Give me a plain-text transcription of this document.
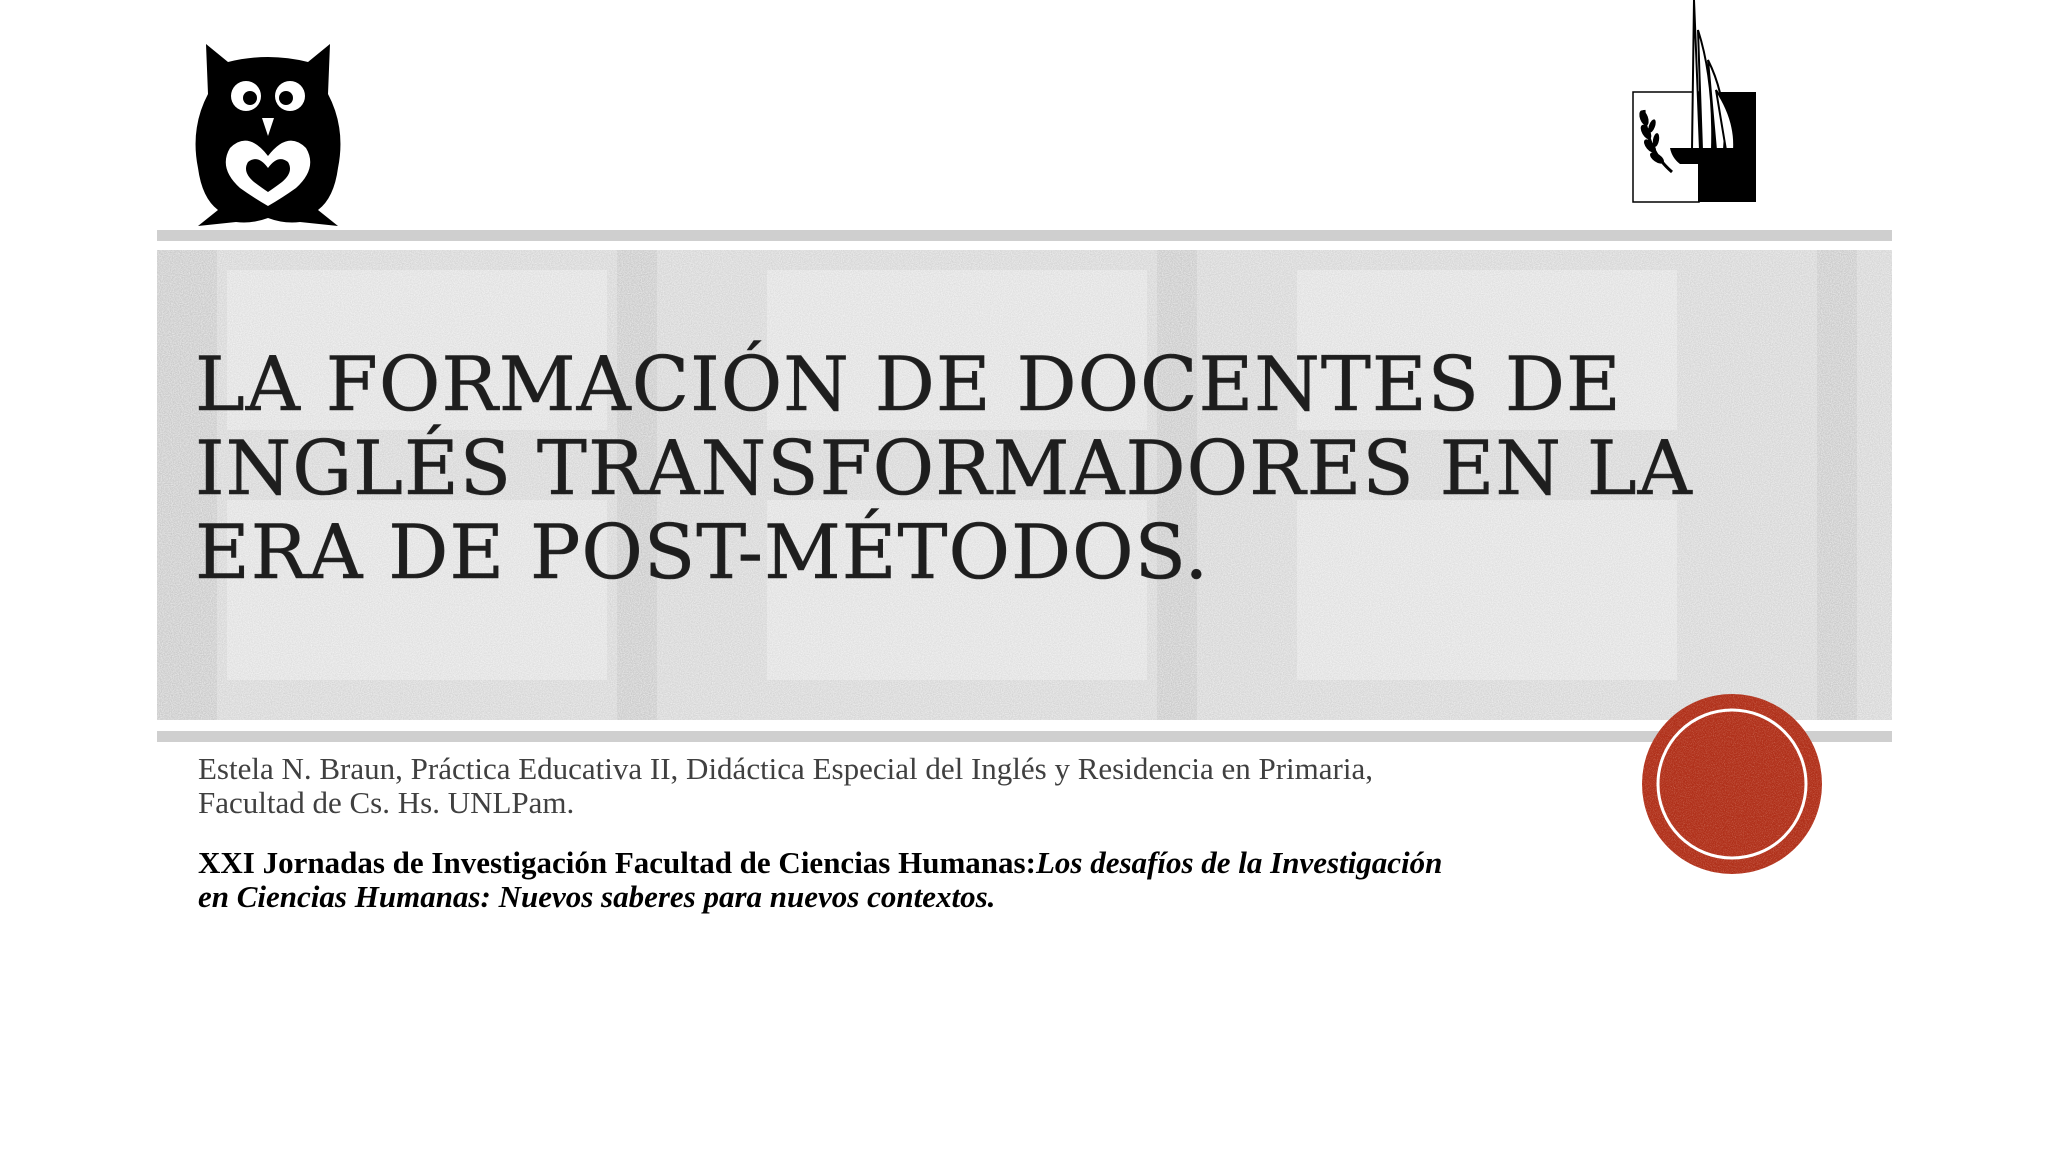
LA FORMACIÓN DE DOCENTES DE INGLÉS TRANSFORMADORES EN LA ERA DE POST-MÉTODOS.

Estela N. Braun, Práctica Educativa II, Didáctica Especial del Inglés y Residencia en Primaria, Facultad de Cs. Hs. UNLPam.

XXI Jornadas de Investigación Facultad de Ciencias Humanas:Los desafíos de la Investigación en Ciencias Humanas: Nuevos saberes para nuevos contextos.
